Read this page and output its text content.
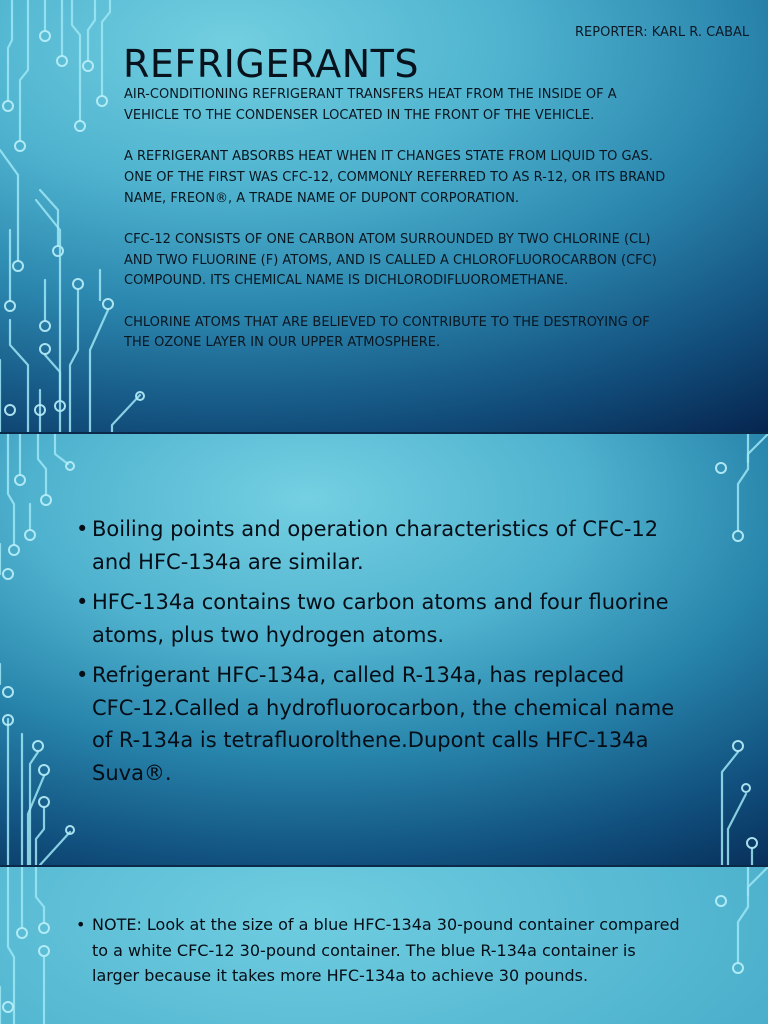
REPORTER: KARL R. CABAL
REFRIGERANTS

AIR-CONDITIONING REFRIGERANT TRANSFERS HEAT FROM THE INSIDE OF A VEHICLE TO THE CONDENSER LOCATED IN THE FRONT OF THE VEHICLE.

A REFRIGERANT ABSORBS HEAT WHEN IT CHANGES STATE FROM LIQUID TO GAS. ONE OF THE FIRST WAS CFC-12, COMMONLY REFERRED TO AS R-12, OR ITS BRAND NAME, FREON®, A TRADE NAME OF DUPONT CORPORATION.

CFC-12 CONSISTS OF ONE CARBON ATOM SURROUNDED BY TWO CHLORINE (CL) AND TWO FLUORINE (F) ATOMS, AND IS CALLED A CHLOROFLUOROCARBON (CFC) COMPOUND. ITS CHEMICAL NAME IS DICHLORODIFLUOROMETHANE.

CHLORINE ATOMS THAT ARE BELIEVED TO CONTRIBUTE TO THE DESTROYING OF THE OZONE LAYER IN OUR UPPER ATMOSPHERE.

• Boiling points and operation characteristics of CFC-12 and HFC-134a are similar.
• HFC-134a contains two carbon atoms and four fluorine atoms, plus two hydrogen atoms.
• Refrigerant HFC-134a, called R-134a, has replaced CFC-12.Called a hydrofluorocarbon, the chemical name of R-134a is tetrafluorolthene.Dupont calls HFC-134a Suva®.
• NOTE: Look at the size of a blue HFC-134a 30-pound container compared to a white CFC-12 30-pound container. The blue R-134a container is larger because it takes more HFC-134a to achieve 30 pounds.
